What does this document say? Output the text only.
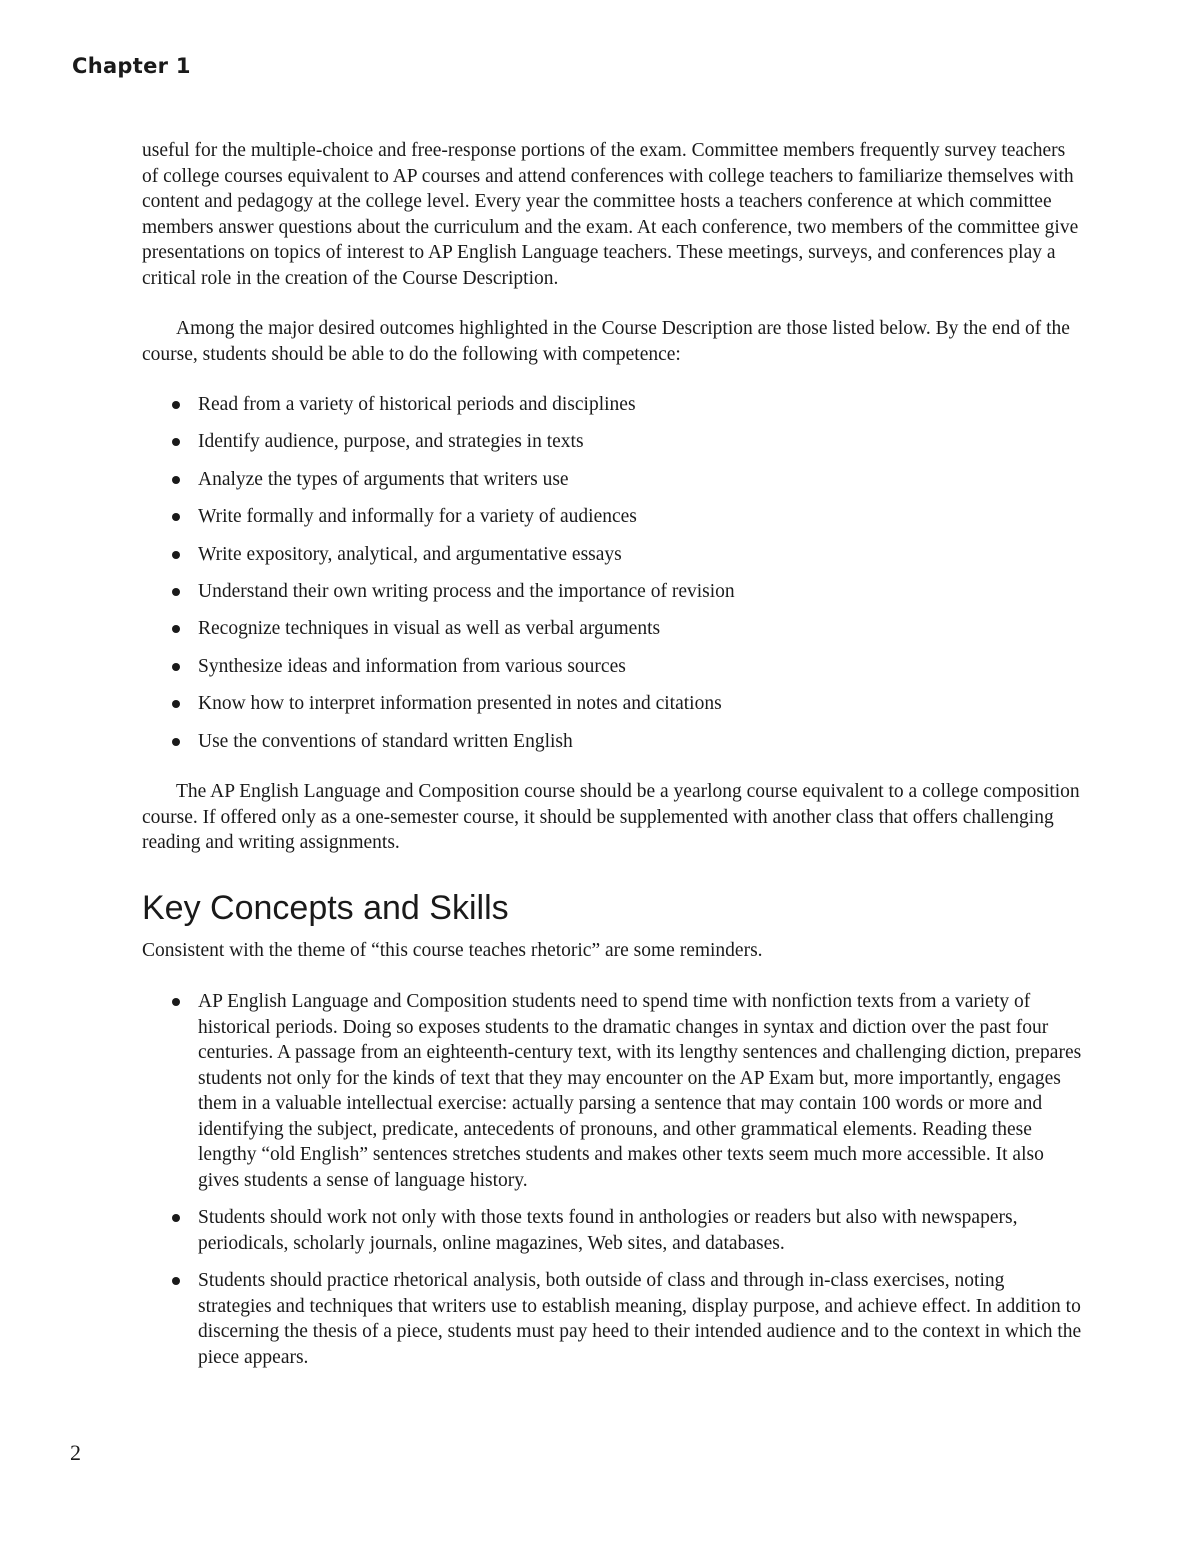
Chapter 1

useful for the multiple-choice and free-response portions of the exam. Committee members frequently survey teachers of college courses equivalent to AP courses and attend conferences with college teachers to familiarize themselves with content and pedagogy at the college level. Every year the committee hosts a teachers conference at which committee members answer questions about the curriculum and the exam. At each conference, two members of the committee give presentations on topics of interest to AP English Language teachers. These meetings, surveys, and conferences play a critical role in the creation of the Course Description.

Among the major desired outcomes highlighted in the Course Description are those listed below. By the end of the course, students should be able to do the following with competence:

Read from a variety of historical periods and disciplines
Identify audience, purpose, and strategies in texts
Analyze the types of arguments that writers use
Write formally and informally for a variety of audiences
Write expository, analytical, and argumentative essays
Understand their own writing process and the importance of revision
Recognize techniques in visual as well as verbal arguments
Synthesize ideas and information from various sources
Know how to interpret information presented in notes and citations
Use the conventions of standard written English

The AP English Language and Composition course should be a yearlong course equivalent to a college composition course. If offered only as a one-semester course, it should be supplemented with another class that offers challenging reading and writing assignments.

Key Concepts and Skills

Consistent with the theme of “this course teaches rhetoric” are some reminders.

AP English Language and Composition students need to spend time with nonfiction texts from a variety of historical periods. Doing so exposes students to the dramatic changes in syntax and diction over the past four centuries. A passage from an eighteenth-century text, with its lengthy sentences and challenging diction, prepares students not only for the kinds of text that they may encounter on the AP Exam but, more importantly, engages them in a valuable intellectual exercise: actually parsing a sentence that may contain 100 words or more and identifying the subject, predicate, antecedents of pronouns, and other grammatical elements. Reading these lengthy “old English” sentences stretches students and makes other texts seem much more accessible. It also gives students a sense of language history.
Students should work not only with those texts found in anthologies or readers but also with newspapers, periodicals, scholarly journals, online magazines, Web sites, and databases.
Students should practice rhetorical analysis, both outside of class and through in-class exercises, noting strategies and techniques that writers use to establish meaning, display purpose, and achieve effect. In addition to discerning the thesis of a piece, students must pay heed to their intended audience and to the context in which the piece appears.
2
